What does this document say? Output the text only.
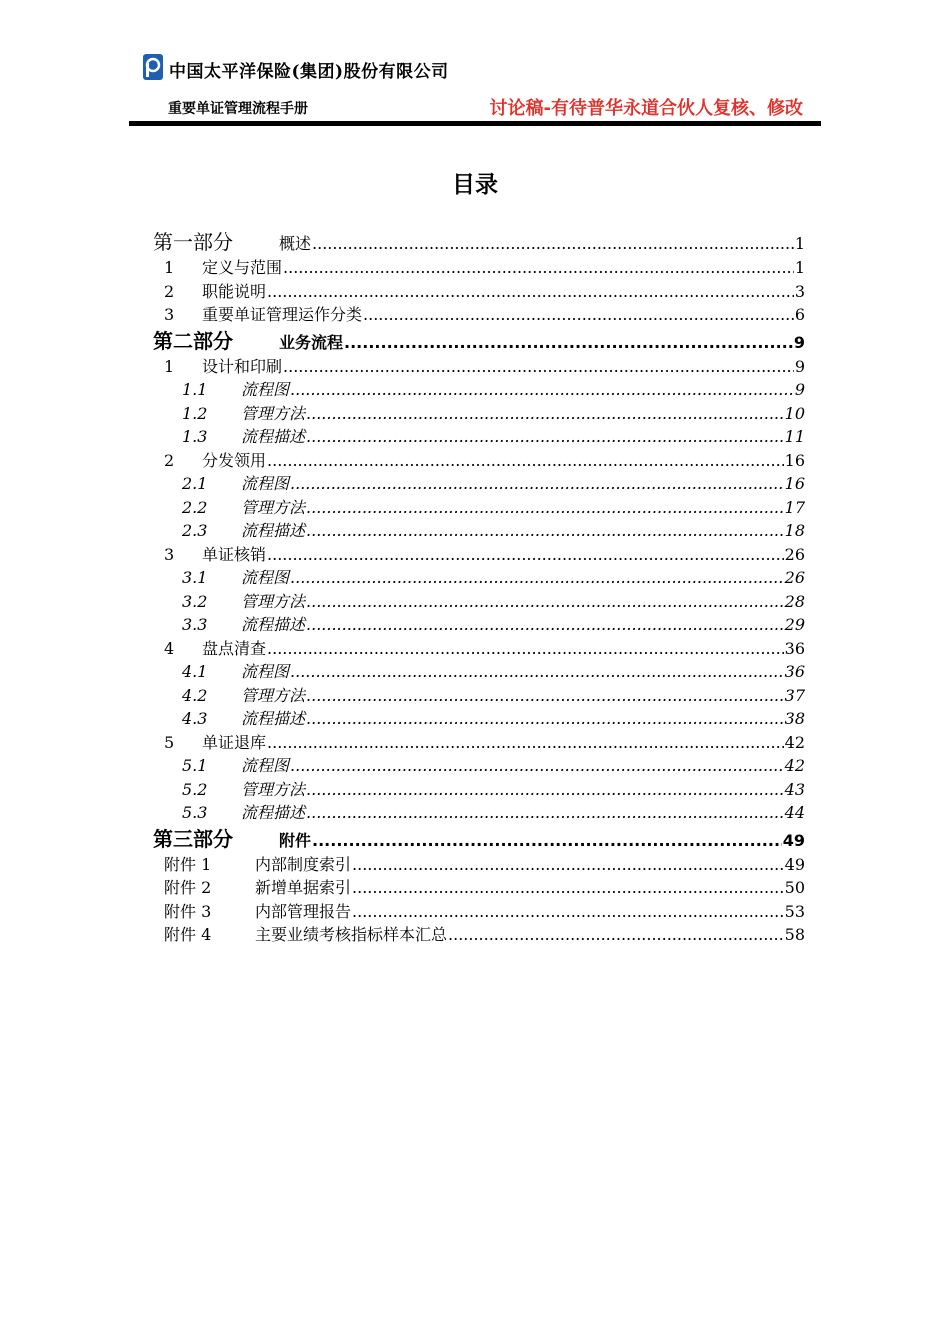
中国太平洋保险(集团)股份有限公司
重要单证管理流程手册	讨论稿-有待普华永道合伙人复核、修改
目录
第一部分	概述 .....	1
1	定义与范围 .....	1
2	职能说明 .....	3
3	重要单证管理运作分类 .....	6
第二部分	业务流程 .....	9
1	设计和印刷 .....	9
1.1	流程图 .....	9
1.2	管理方法 .....	10
1.3	流程描述 .....	11
2	分发领用 .....	16
2.1	流程图 .....	16
2.2	管理方法 .....	17
2.3	流程描述 .....	18
3	单证核销 .....	26
3.1	流程图 .....	26
3.2	管理方法 .....	28
3.3	流程描述 .....	29
4	盘点清查 .....	36
4.1	流程图 .....	36
4.2	管理方法 .....	37
4.3	流程描述 .....	38
5	单证退库 .....	42
5.1	流程图 .....	42
5.2	管理方法 .....	43
5.3	流程描述 .....	44
第三部分	附件 .....	49
附件 1	内部制度索引 .....	49
附件 2	新增单据索引 .....	50
附件 3	内部管理报告 .....	53
附件 4	主要业绩考核指标样本汇总 .....	58
